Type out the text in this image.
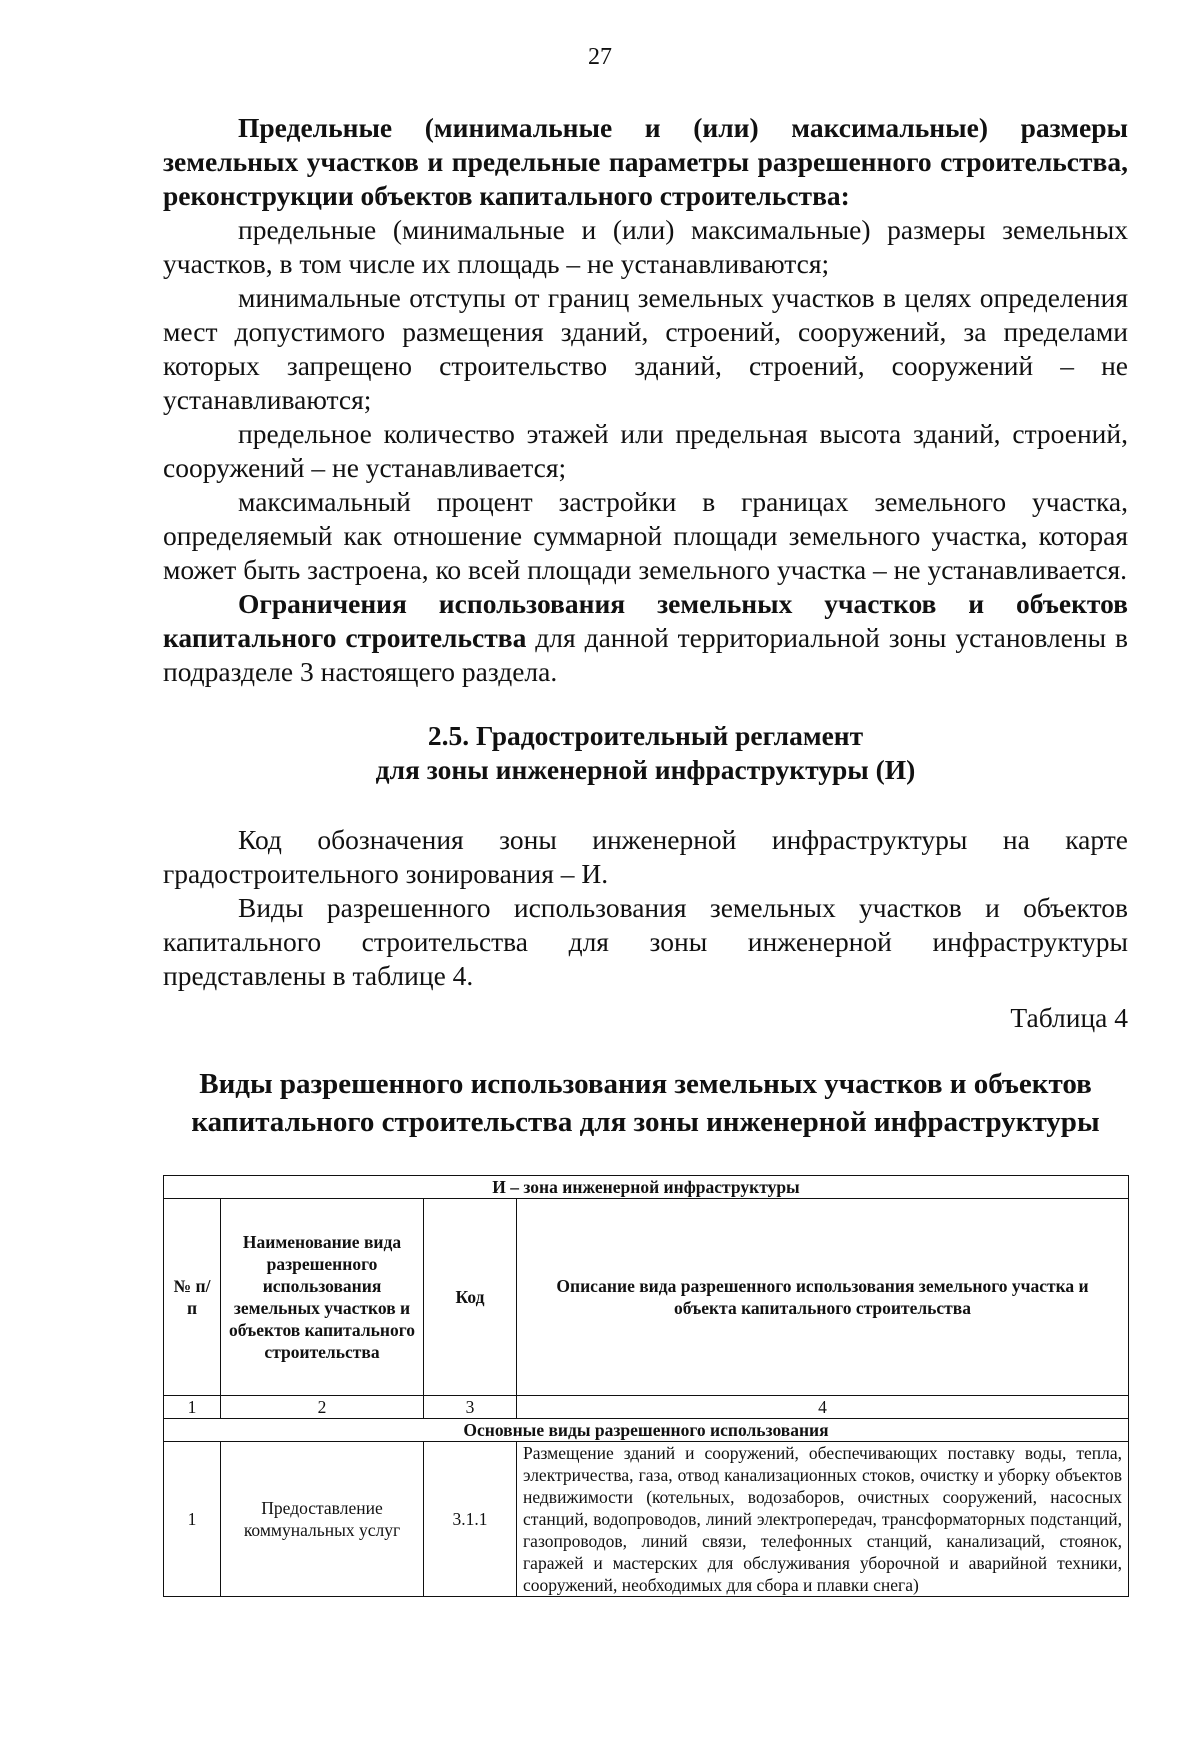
27

Предельные (минимальные и (или) максимальные) размеры земельных участков и предельные параметры разрешенного строительства, реконструкции объектов капитального строительства:

предельные (минимальные и (или) максимальные) размеры земельных участков, в том числе их площадь – не устанавливаются;

минимальные отступы от границ земельных участков в целях определения мест допустимого размещения зданий, строений, сооружений, за пределами которых запрещено строительство зданий, строений, сооружений – не устанавливаются;

предельное количество этажей или предельная высота зданий, строений, сооружений – не устанавливается;

максимальный процент застройки в границах земельного участка, определяемый как отношение суммарной площади земельного участка, которая может быть застроена, ко всей площади земельного участка – не устанавливается.

Ограничения использования земельных участков и объектов капитального строительства для данной территориальной зоны установлены в подразделе 3 настоящего раздела.

2.5. Градостроительный регламент
для зоны инженерной инфраструктуры (И)

Код обозначения зоны инженерной инфраструктуры на карте градостроительного зонирования – И.

Виды разрешенного использования земельных участков и объектов капитального строительства для зоны инженерной инфраструктуры представлены в таблице 4.

Таблица 4

Виды разрешенного использования земельных участков и объектов
капитального строительства для зоны инженерной инфраструктуры
И – зона инженерной инфраструктуры			
№ п/п	Наименование вида разрешенного использования земельных участков и объектов капитального строительства	Код	Описание вида разрешенного использования земельного участка и объекта капитального строительства
1	2	3	4
Основные виды разрешенного использования			
1	Предоставление коммунальных услуг	3.1.1	Размещение зданий и сооружений, обеспечивающих поставку воды, тепла, электричества, газа, отвод канализационных стоков, очистку и уборку объектов недвижимости (котельных, водозаборов, очистных сооружений, насосных станций, водопроводов, линий электропередач, трансформаторных подстанций, газопроводов, линий связи, телефонных станций, канализаций, стоянок, гаражей и мастерских для обслуживания уборочной и аварийной техники, сооружений, необходимых для сбора и плавки снега)
